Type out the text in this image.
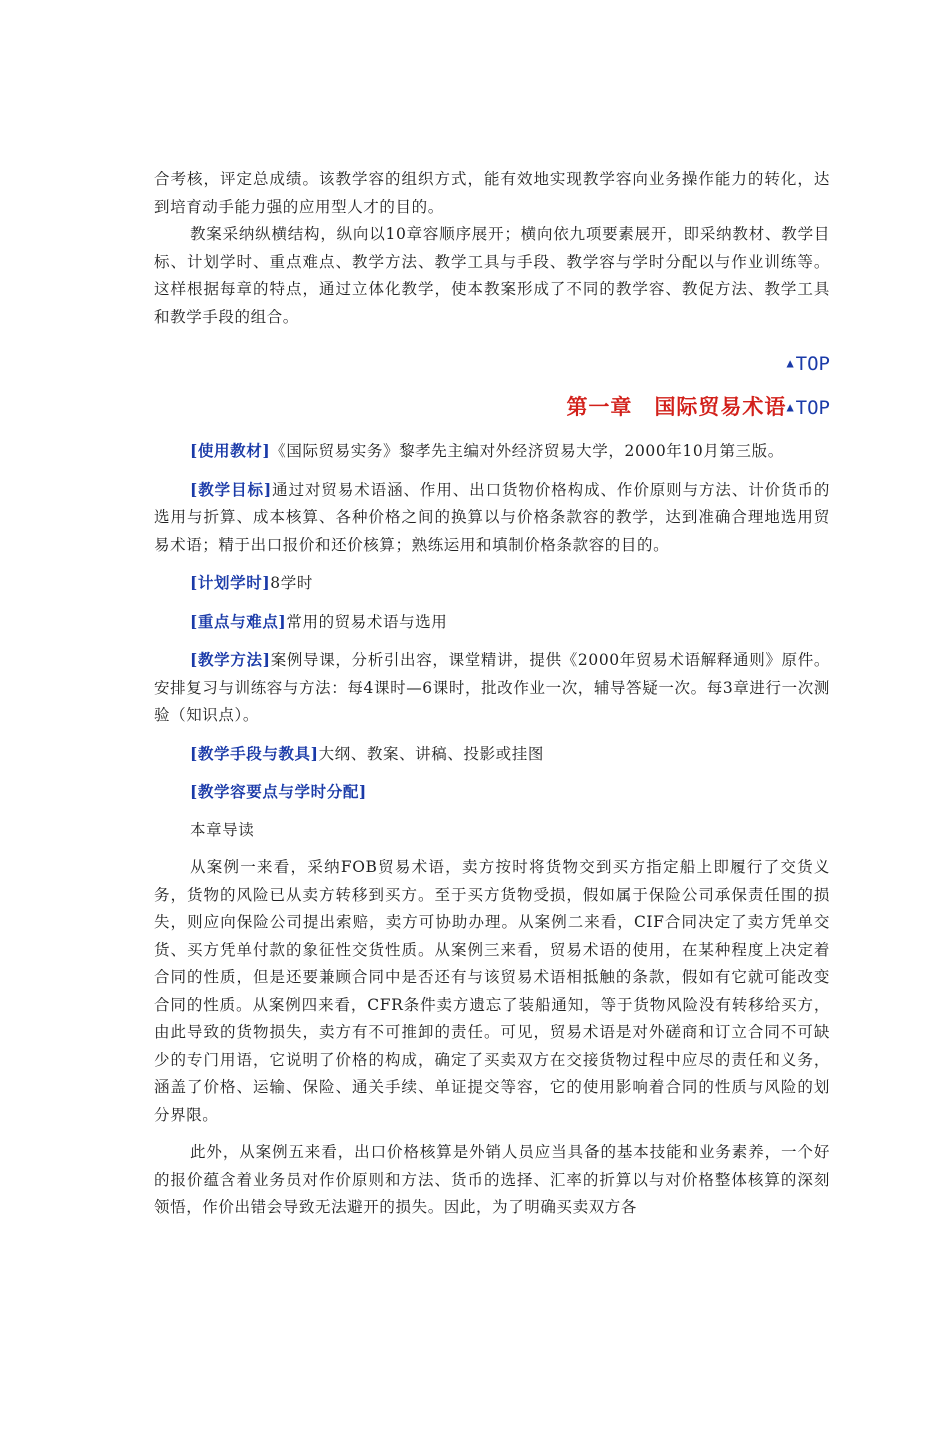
合考核，评定总成绩。该教学容的组织方式，能有效地实现教学容向业务操作能力的转化，达到培育动手能力强的应用型人才的目的。

教案采纳纵横结构，纵向以10章容顺序展开；横向依九项要素展开，即采纳教材、教学目标、计划学时、重点难点、教学方法、教学工具与手段、教学容与学时分配以与作业训练等。这样根据每章的特点，通过立体化教学，使本教案形成了不同的教学容、教促方法、教学工具和教学手段的组合。

▲ TOP
第一章 国际贸易术语▲ TOP

[使用教材]《国际贸易实务》黎孝先主编对外经济贸易大学，2000年10月第三版。

[教学目标]通过对贸易术语涵、作用、出口货物价格构成、作价原则与方法、计价货币的选用与折算、成本核算、各种价格之间的换算以与价格条款容的教学，达到准确合理地选用贸易术语；精于出口报价和还价核算；熟练运用和填制价格条款容的目的。

[计划学时]8学时

[重点与难点]常用的贸易术语与选用

[教学方法]案例导课，分析引出容，课堂精讲，提供《2000年贸易术语解释通则》原件。安排复习与训练容与方法：每4课时—6课时，批改作业一次，辅导答疑一次。每3章进行一次测验（知识点）。

[教学手段与教具]大纲、教案、讲稿、投影或挂图

[教学容要点与学时分配]

本章导读

从案例一来看，采纳FOB贸易术语，卖方按时将货物交到买方指定船上即履行了交货义务，货物的风险已从卖方转移到买方。至于买方货物受损，假如属于保险公司承保责任围的损失，则应向保险公司提出索赔，卖方可协助办理。从案例二来看，CIF合同决定了卖方凭单交货、买方凭单付款的象征性交货性质。从案例三来看，贸易术语的使用，在某种程度上决定着合同的性质，但是还要兼顾合同中是否还有与该贸易术语相抵触的条款，假如有它就可能改变合同的性质。从案例四来看，CFR条件卖方遗忘了装船通知，等于货物风险没有转移给买方，由此导致的货物损失，卖方有不可推卸的责任。可见，贸易术语是对外磋商和订立合同不可缺少的专门用语，它说明了价格的构成，确定了买卖双方在交接货物过程中应尽的责任和义务，涵盖了价格、运输、保险、通关手续、单证提交等容，它的使用影响着合同的性质与风险的划分界限。

此外，从案例五来看，出口价格核算是外销人员应当具备的基本技能和业务素养，一个好的报价蕴含着业务员对作价原则和方法、货币的选择、汇率的折算以与对价格整体核算的深刻领悟，作价出错会导致无法避开的损失。因此，为了明确买卖双方各
